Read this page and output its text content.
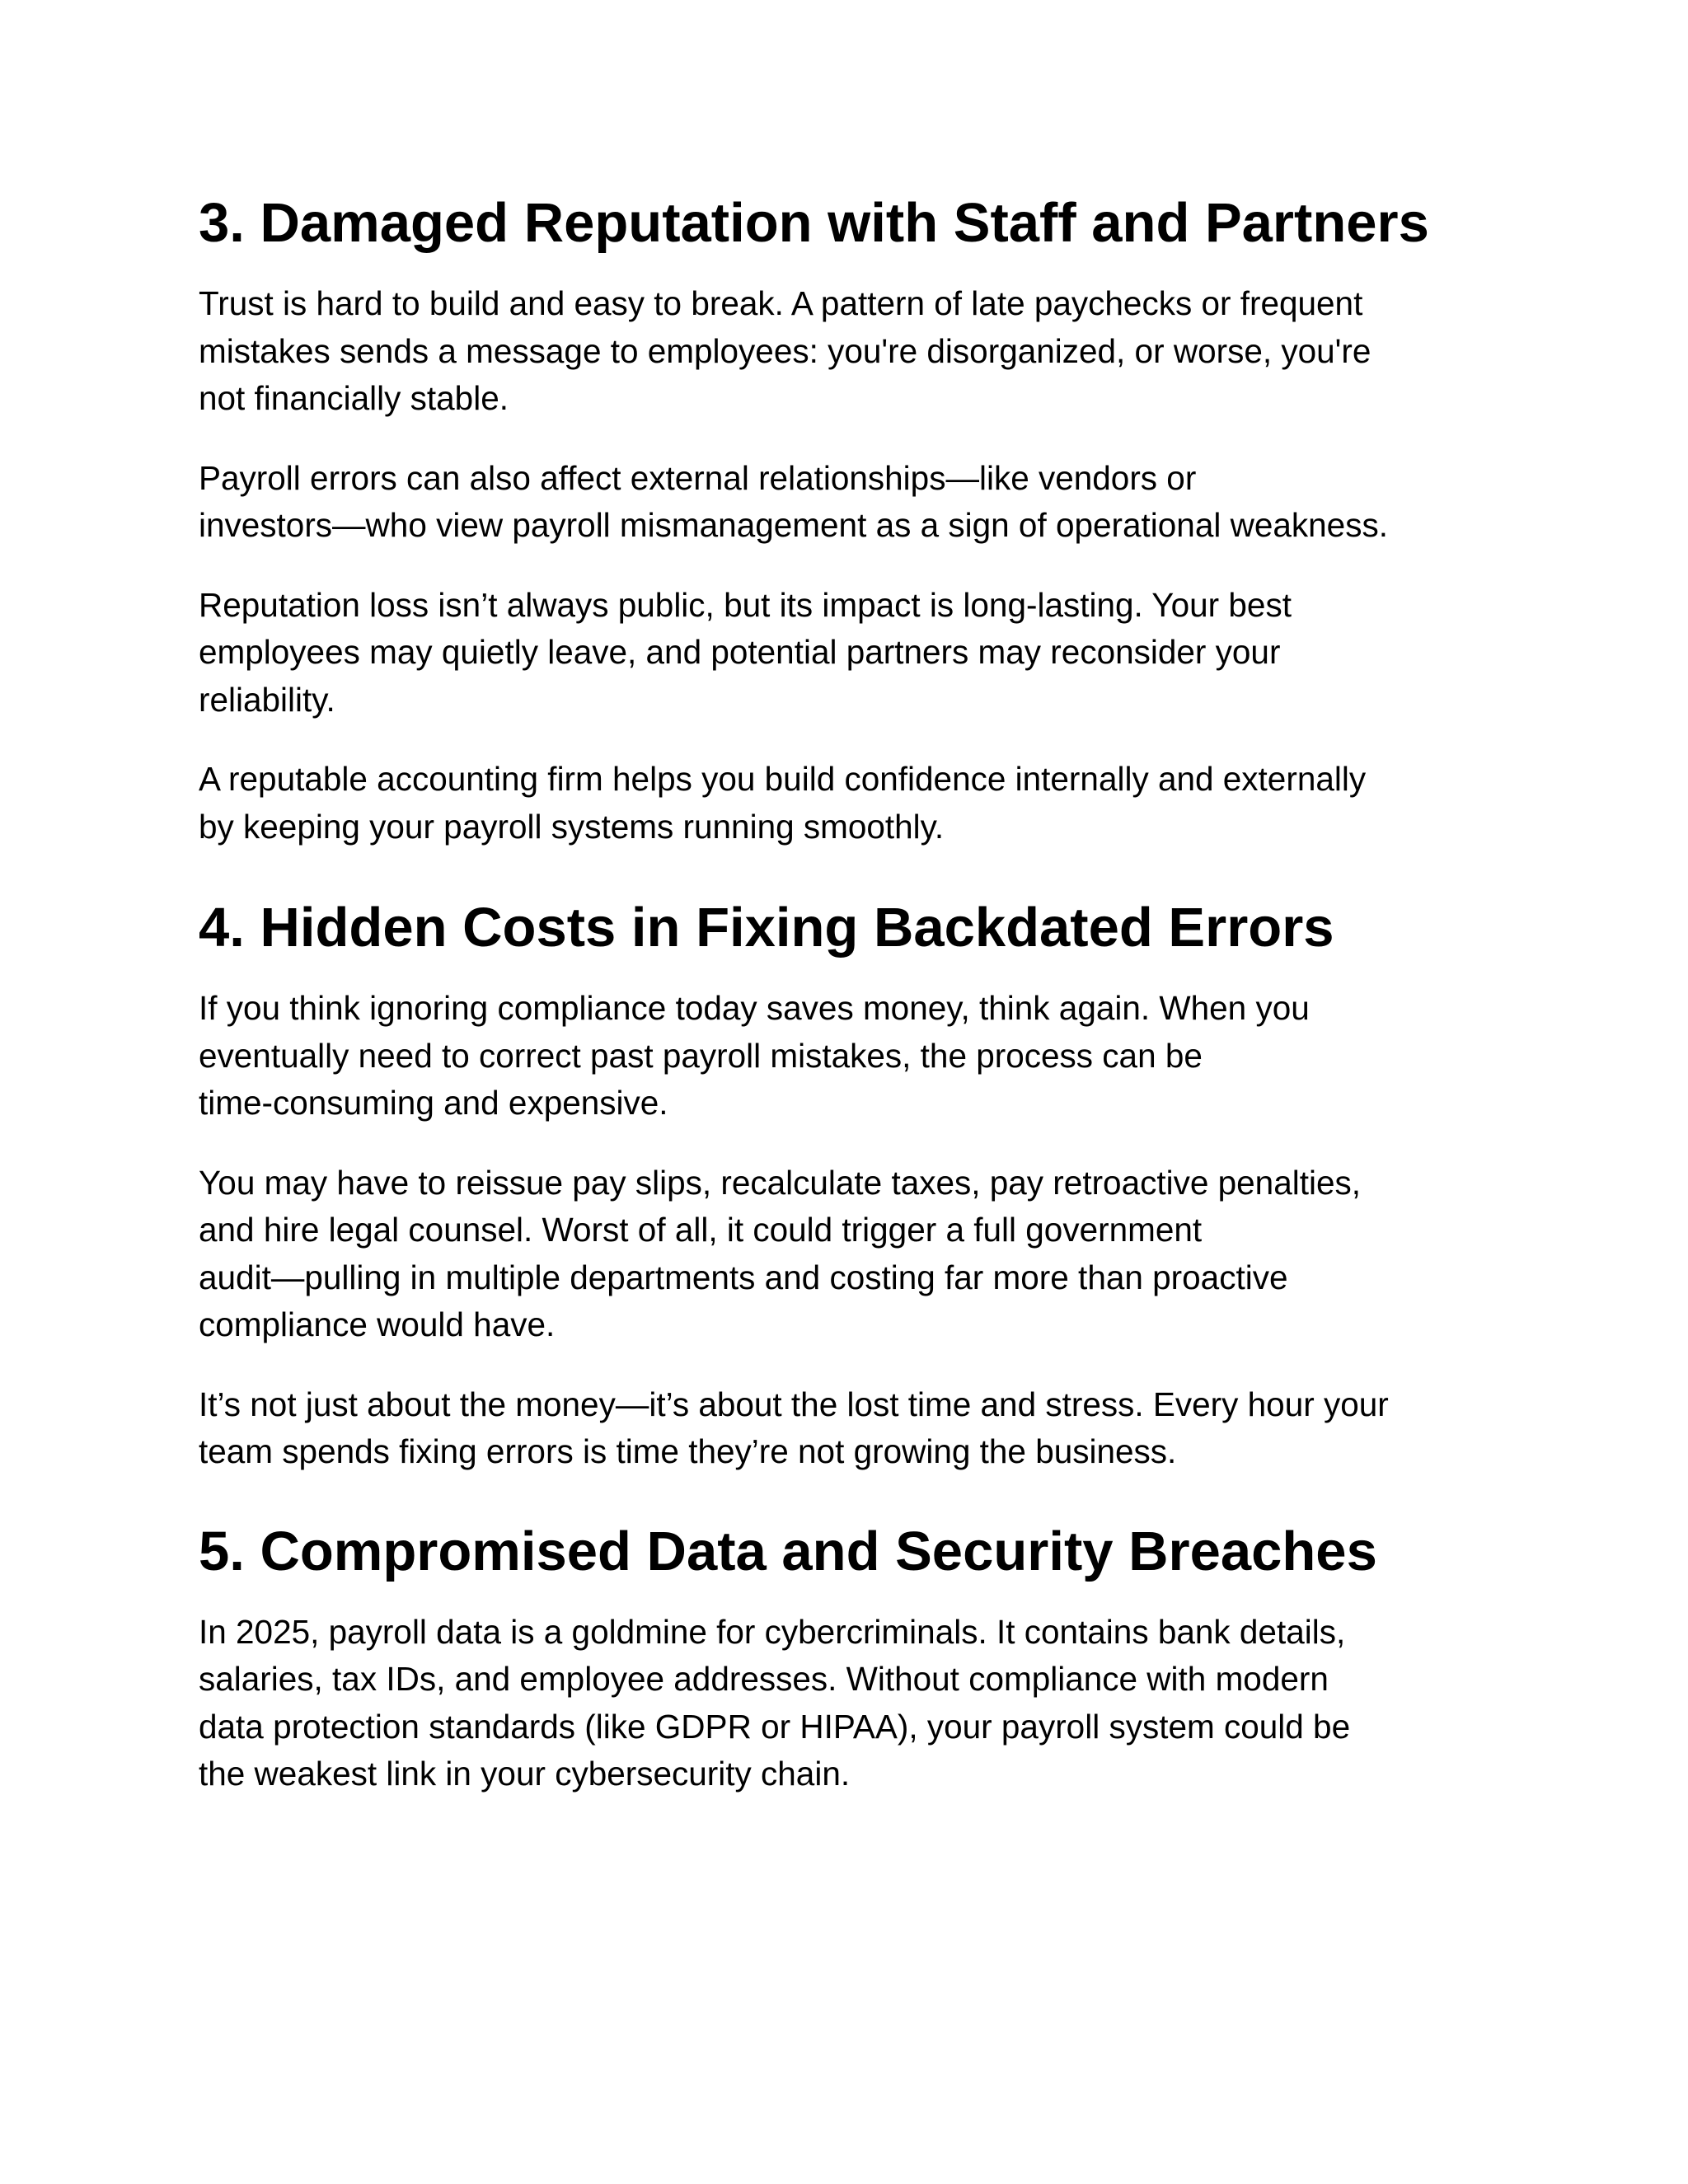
3. Damaged Reputation with Staff and Partners

Trust is hard to build and easy to break. A pattern of late paychecks or frequent
mistakes sends a message to employees: you're disorganized, or worse, you're
not financially stable.

Payroll errors can also affect external relationships—like vendors or
investors—who view payroll mismanagement as a sign of operational weakness.

Reputation loss isn’t always public, but its impact is long-lasting. Your best
employees may quietly leave, and potential partners may reconsider your
reliability.

A reputable accounting firm helps you build confidence internally and externally
by keeping your payroll systems running smoothly.

4. Hidden Costs in Fixing Backdated Errors

If you think ignoring compliance today saves money, think again. When you
eventually need to correct past payroll mistakes, the process can be
time-consuming and expensive.

You may have to reissue pay slips, recalculate taxes, pay retroactive penalties,
and hire legal counsel. Worst of all, it could trigger a full government
audit—pulling in multiple departments and costing far more than proactive
compliance would have.

It’s not just about the money—it’s about the lost time and stress. Every hour your
team spends fixing errors is time they’re not growing the business.

5. Compromised Data and Security Breaches

In 2025, payroll data is a goldmine for cybercriminals. It contains bank details,
salaries, tax IDs, and employee addresses. Without compliance with modern
data protection standards (like GDPR or HIPAA), your payroll system could be
the weakest link in your cybersecurity chain.
